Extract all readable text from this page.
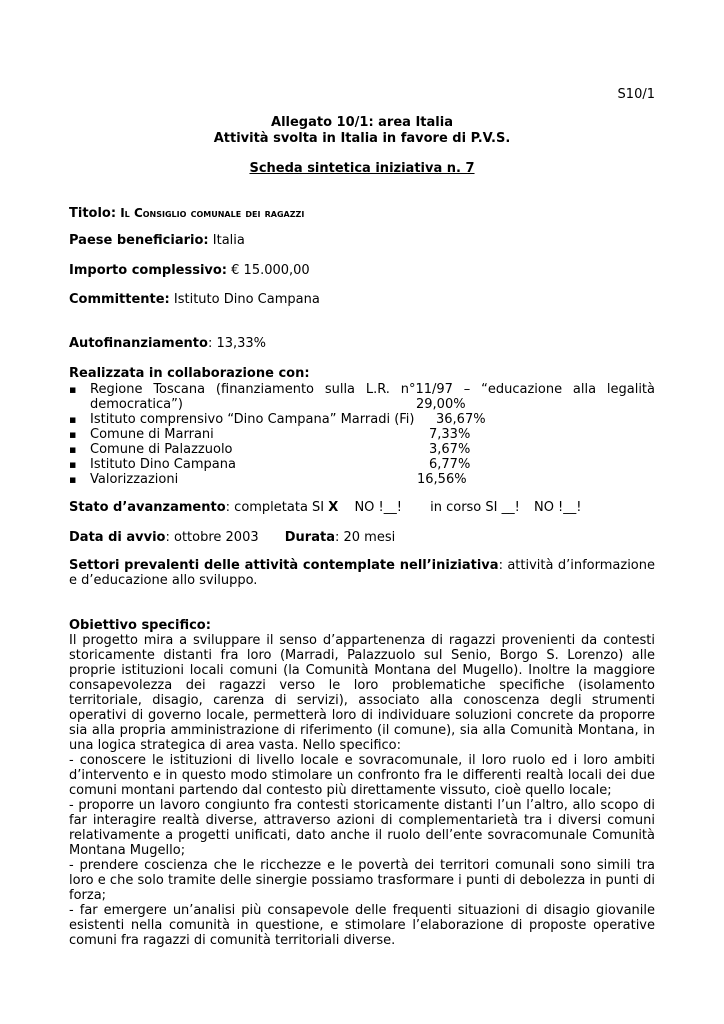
S10/1
Allegato 10/1: area Italia
Attività svolta in Italia in favore di P.V.S.
Scheda sintetica iniziativa n. 7
Titolo: Il Consiglio comunale dei ragazzi
Paese beneficiario: Italia
Importo complessivo: € 15.000,00
Committente: Istituto Dino Campana
Autofinanziamento: 13,33%
Realizzata in collaborazione con:
▪ Regione Toscana (finanziamento sulla L.R. n°11/97 – “educazione alla legalità democratica”)	29,00%
▪ Istituto comprensivo “Dino Campana” Marradi (Fi) 36,67%
▪ Comune di Marrani	7,33%
▪ Comune di Palazzuolo	3,67%
▪ Istituto Dino Campana	6,77%
▪ Valorizzazioni	16,56%
Stato d’avanzamento: completata SI X NO !__! in corso SI __! NO !__!
Data di avvio: ottobre 2003 Durata: 20 mesi
Settori prevalenti delle attività contemplate nell’iniziativa: attività d’informazione e d’educazione allo sviluppo.
Obiettivo specifico:
Il progetto mira a sviluppare il senso d’appartenenza di ragazzi provenienti da contesti storicamente distanti fra loro (Marradi, Palazzuolo sul Senio, Borgo S. Lorenzo) alle proprie istituzioni locali comuni (la Comunità Montana del Mugello). Inoltre la maggiore consapevolezza dei ragazzi verso le loro problematiche specifiche (isolamento territoriale, disagio, carenza di servizi), associato alla conoscenza degli strumenti operativi di governo locale, permetterà loro di individuare soluzioni concrete da proporre sia alla propria amministrazione di riferimento (il comune), sia alla Comunità Montana, in una logica strategica di area vasta. Nello specifico:
- conoscere le istituzioni di livello locale e sovracomunale, il loro ruolo ed i loro ambiti d’intervento e in questo modo stimolare un confronto fra le differenti realtà locali dei due comuni montani partendo dal contesto più direttamente vissuto, cioè quello locale;
- proporre un lavoro congiunto fra contesti storicamente distanti l’un l’altro, allo scopo di far interagire realtà diverse, attraverso azioni di complementarietà tra i diversi comuni relativamente a progetti unificati, dato anche il ruolo dell’ente sovracomunale Comunità Montana Mugello;
- prendere coscienza che le ricchezze e le povertà dei territori comunali sono simili tra loro e che solo tramite delle sinergie possiamo trasformare i punti di debolezza in punti di forza;
- far emergere un’analisi più consapevole delle frequenti situazioni di disagio giovanile esistenti nella comunità in questione, e stimolare l’elaborazione di proposte operative comuni fra ragazzi di comunità territoriali diverse.
